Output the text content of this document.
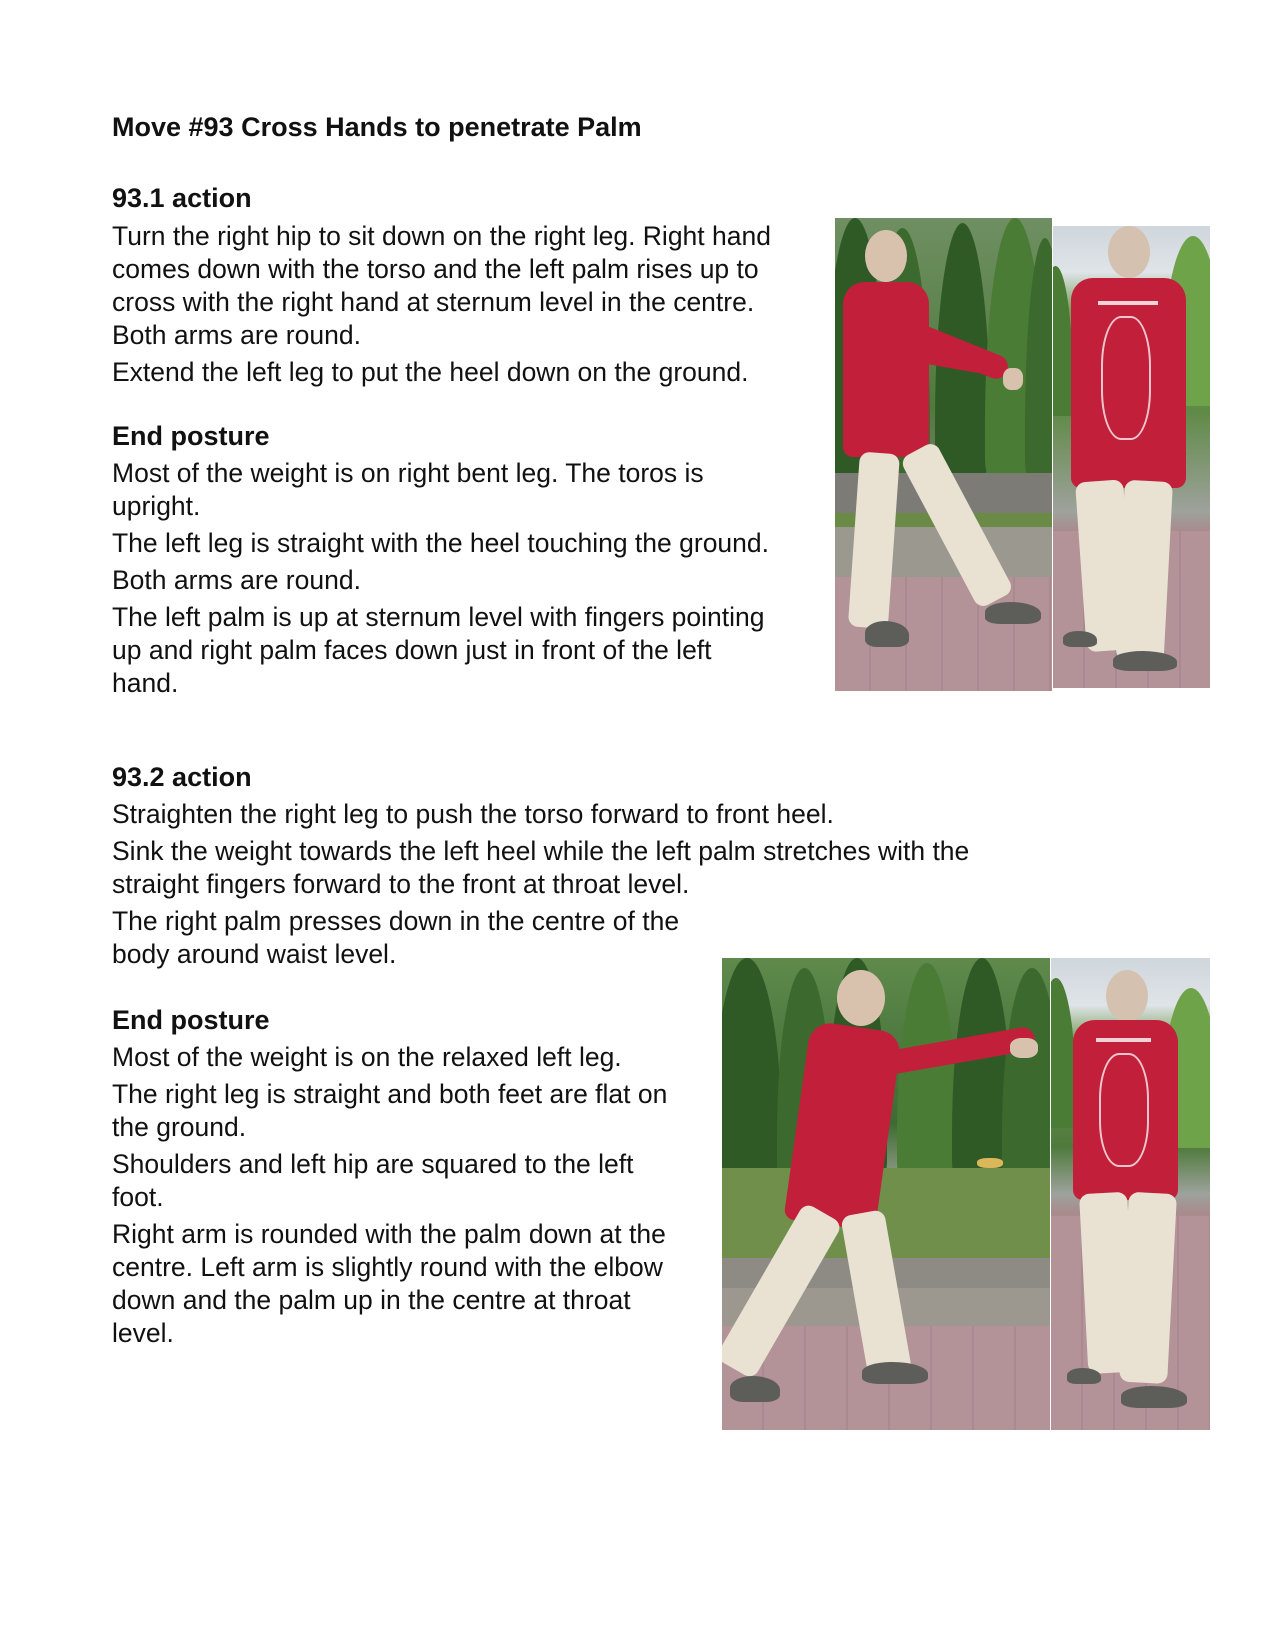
Move #93 Cross Hands to penetrate Palm
93.1 action

Turn the right hip to sit down on the right leg. Right hand comes down with the torso and the left palm rises up to cross with the right hand at sternum level in the centre. Both arms are round.

Extend the left leg to put the heel down on the ground.

End posture

Most of the weight is on right bent leg. The toros is upright.

The left leg is straight with the heel touching the ground.

Both arms are round.

The left palm is up at sternum level with fingers pointing up and right palm faces down just in front of the left hand.

93.2 action

Straighten the right leg to push the torso forward to front heel.

Sink the weight towards the left heel while the left palm stretches with the straight fingers forward to the front at throat level.

The right palm presses down in the centre of the body around waist level.

End posture

Most of the weight is on the relaxed left leg.

The right leg is straight and both feet are flat on the ground.

Shoulders and left hip are squared to the left foot.

Right arm is rounded with the palm down at the centre. Left arm is slightly round with the elbow down and the palm up in the centre at throat level.
